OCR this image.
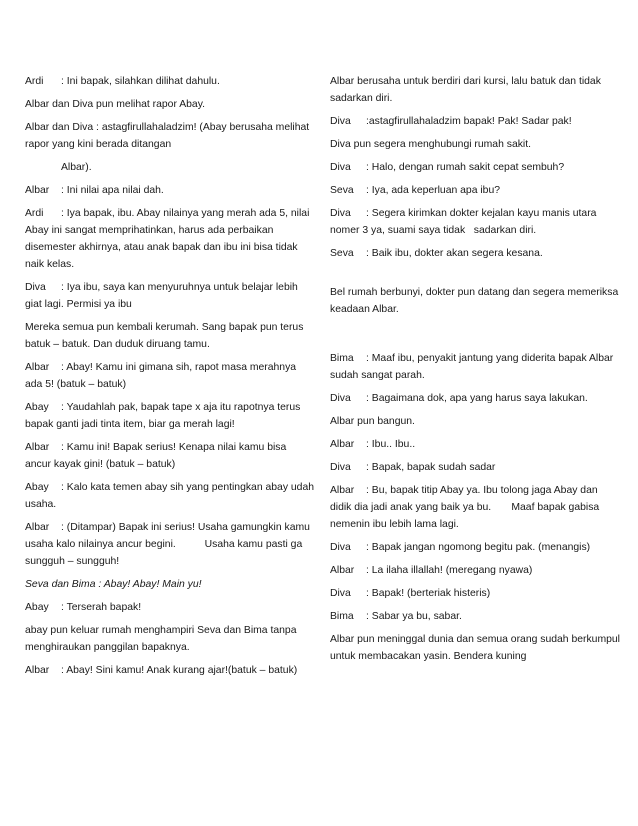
Ardi : Ini bapak, silahkan dilihat dahulu.
Albar dan Diva pun melihat rapor Abay.
Albar dan Diva : astagfirullahaladzim! (Abay berusaha melihat rapor yang kini berada ditangan
Albar).
Albar : Ini nilai apa nilai dah.
Ardi : Iya bapak, ibu. Abay nilainya yang merah ada 5, nilai Abay ini sangat memprihatinkan, harus ada perbaikan disemester akhirnya, atau anak bapak dan ibu ini bisa tidak naik kelas.
Diva : Iya ibu, saya kan menyuruhnya untuk belajar lebih giat lagi. Permisi ya ibu
Mereka semua pun kembali kerumah. Sang bapak pun terus batuk – batuk. Dan duduk diruang tamu.
Albar : Abay! Kamu ini gimana sih, rapot masa merahnya ada 5! (batuk – batuk)
Abay : Yaudahlah pak, bapak tape x aja itu rapotnya terus bapak ganti jadi tinta item, biar ga merah lagi!
Albar : Kamu ini! Bapak serius! Kenapa nilai kamu bisa ancur kayak gini! (batuk – batuk)
Abay : Kalo kata temen abay sih yang pentingkan abay udah usaha.
Albar : (Ditampar) Bapak ini serius! Usaha gamungkin kamu usaha kalo nilainya ancur begini.          Usaha kamu pasti ga sungguh – sungguh!
Seva dan Bima : Abay! Abay! Main yu!
Abay : Terserah bapak!
abay pun keluar rumah menghampiri Seva dan Bima tanpa menghiraukan panggilan bapaknya.
Albar : Abay! Sini kamu! Anak kurang ajar!(batuk – batuk)
Albar berusaha untuk berdiri dari kursi, lalu batuk dan tidak sadarkan diri.
Diva :astagfirullahaladzim bapak! Pak! Sadar pak!
Diva pun segera menghubungi rumah sakit.
Diva : Halo, dengan rumah sakit cepat sembuh?
Seva : Iya, ada keperluan apa ibu?
Diva : Segera kirimkan dokter kejalan kayu manis utara nomer 3 ya, suami saya tidak   sadarkan diri.
Seva : Baik ibu, dokter akan segera kesana.
Bel rumah berbunyi, dokter pun datang dan segera memeriksa keadaan Albar.
Bima : Maaf ibu, penyakit jantung yang diderita bapak Albar sudah sangat parah.
Diva : Bagaimana dok, apa yang harus saya lakukan.
Albar pun bangun.
Albar : Ibu.. Ibu..
Diva : Bapak, bapak sudah sadar
Albar : Bu, bapak titip Abay ya. Ibu tolong jaga Abay dan didik dia jadi anak yang baik ya bu.       Maaf bapak gabisa nemenin ibu lebih lama lagi.
Diva : Bapak jangan ngomong begitu pak. (menangis)
Albar : La ilaha illallah! (meregang nyawa)
Diva : Bapak! (berteriak histeris)
Bima : Sabar ya bu, sabar.
Albar pun meninggal dunia dan semua orang sudah berkumpul untuk membacakan yasin. Bendera kuning
